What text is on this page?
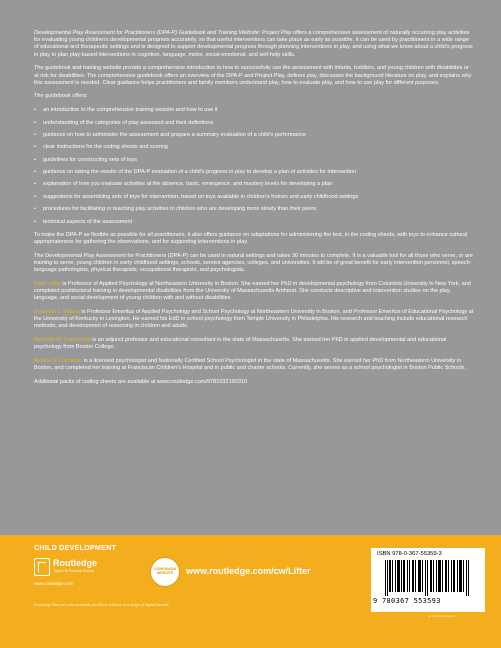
Developmental Play Assessment for Practitioners (DPA-P) Guidebook and Training Website: Project Play offers a comprehensive assessment of naturally occurring play activities for evaluating young children's developmental progress accurately, so that useful interventions can take place as early as possible. It can be used by practitioners in a wide range of educational and therapeutic settings and is designed to support developmental progress through planning interventions in play, and using what we know about a child's progress in play to plan play-based interventions in cognition, language, motor, social-emotional, and self-help skills.

The guidebook and training website provide a comprehensive introduction to how to successfully use the assessment with infants, toddlers, and young children with disabilities or at risk for disabilities. The comprehensive guidebook offers an overview of the DPA-P and Project Play, defines play, discusses the background literature on play, and explains why this assessment is needed. Clear guidance helps practitioners and family members understand play, how to evaluate play, and how to use play for different purposes.

The guidebook offers:

• an introduction to the comprehensive training website and how to use it
• understanding of the categories of play assessed and their definitions
• guidance on how to administer the assessment and prepare a summary evaluation of a child's performance
• clear instructions for the coding sheets and scoring
• guidelines for constructing sets of toys
• guidance on taking the results of the DPA-P evaluation of a child's progress in play to develop a plan of activities for intervention
• explanation of how you evaluate activities at the absence, basic, emergence, and mastery levels for developing a plan
• suggestions for assembling sets of toys for intervention, based on toys available in children's homes and early childhood settings
• procedures for facilitating or teaching play activities to children who are developing more slowly than their peers
• technical aspects of the assessment

To make the DPA-P as flexible as possible for all practitioners, it also offers guidance on adaptations for administering the test, in the coding sheets, with toys to enhance cultural appropriateness for gathering the observations, and for supporting interventions in play.

The Developmental Play Assessment for Practitioners (DPA-P) can be used in natural settings and takes 30 minutes to complete. It is a valuable tool for all those who serve, or are training to serve, young children in early childhood settings, schools, service agencies, colleges, and universities. It will be of great benefit for early intervention personnel, speech-language pathologists, physical therapists, occupational therapists, and psychologists.

Karin Lifter is Professor of Applied Psychology at Northeastern University in Boston. She earned her PhD in developmental psychology from Columbia University in New York, and completed postdoctoral training in developmental disabilities from the University of Massachusetts Amherst. She conducts descriptive and intervention studies on the play, language, and social development of young children with and without disabilities.

Emanuel J. Mason is Professor Emeritus of Applied Psychology and School Psychology at Northeastern University in Boston, and Professor Emeritus of Educational Psychology at the University of Kentucky in Lexington. He earned his EdD in school psychology from Temple University in Philadelphia. His research and teaching include educational research methods, and development of reasoning in children and adults.

Amanda M. Cannarella is an adjunct professor and educational consultant in the state of Massachusetts. She earned her PhD in applied developmental and educational psychology from Boston College.

Ashley D. Cameron is a licensed psychologist and Nationally Certified School Psychologist in the state of Massachusetts. She earned her PhD from Northeastern University in Boston, and completed her training at Franciscan Children's Hospital and in public and charter schools. Currently, she serves as a school psychologist in Boston Public Schools.

Additional packs of coding sheets are available at www.routledge.com/9781032190310

CHILD DEVELOPMENT
Routledge
Taylor & Francis Group
www.routledge.com
COMPANION
WEBSITE	www.routledge.com/cw/Lifter
Routledge titles are also available as eBook editions in a range of digital formats
ISBN 978-0-367-55359-3
9 780367 553593
an informa business
